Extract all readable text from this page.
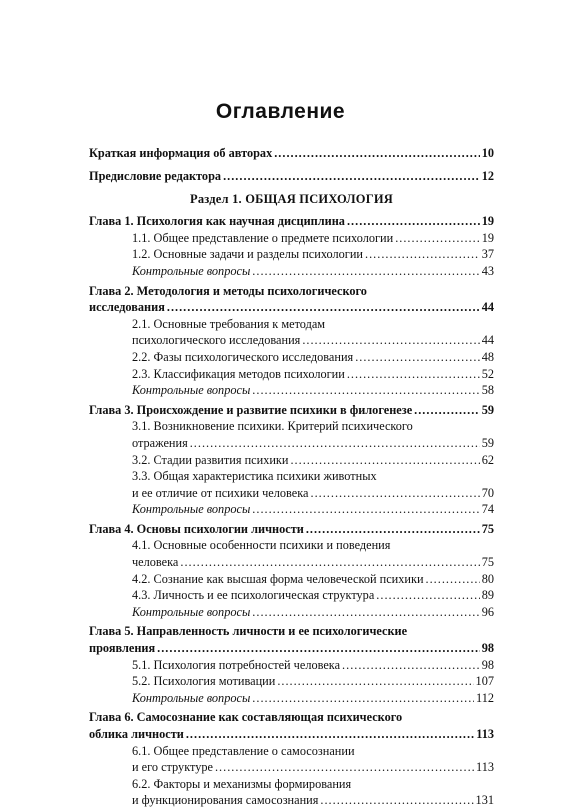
Оглавление
Краткая информация об авторах .....	10
Предисловие редактора .....	12
Раздел 1. ОБЩАЯ ПСИХОЛОГИЯ
Глава 1. Психология как научная дисциплина .....	19
1.1. Общее представление о предмете психологии .....	19
1.2. Основные задачи и разделы психологии .....	37
Контрольные вопросы .....	43
Глава 2. Методология и методы психологического
исследования .....	44
2.1. Основные требования к методам
психологического исследования .....	44
2.2. Фазы психологического исследования .....	48
2.3. Классификация методов психологии .....	52
Контрольные вопросы .....	58
Глава 3. Происхождение и развитие психики в филогенезе .....	59
3.1. Возникновение психики. Критерий психического
отражения .....	59
3.2. Стадии развития психики .....	62
3.3. Общая характеристика психики животных
и ее отличие от психики человека .....	70
Контрольные вопросы .....	74
Глава 4. Основы психологии личности .....	75
4.1. Основные особенности психики и поведения
человека .....	75
4.2. Сознание как высшая форма человеческой психики .....	80
4.3. Личность и ее психологическая структура .....	89
Контрольные вопросы .....	96
Глава 5. Направленность личности и ее психологические
проявления .....	98
5.1. Психология потребностей человека .....	98
5.2. Психология мотивации .....	107
Контрольные вопросы .....	112
Глава 6. Самосознание как составляющая психического
облика личности .....	113
6.1. Общее представление о самосознании
и его структуре .....	113
6.2. Факторы и механизмы формирования
и функционирования самосознания .....	131
